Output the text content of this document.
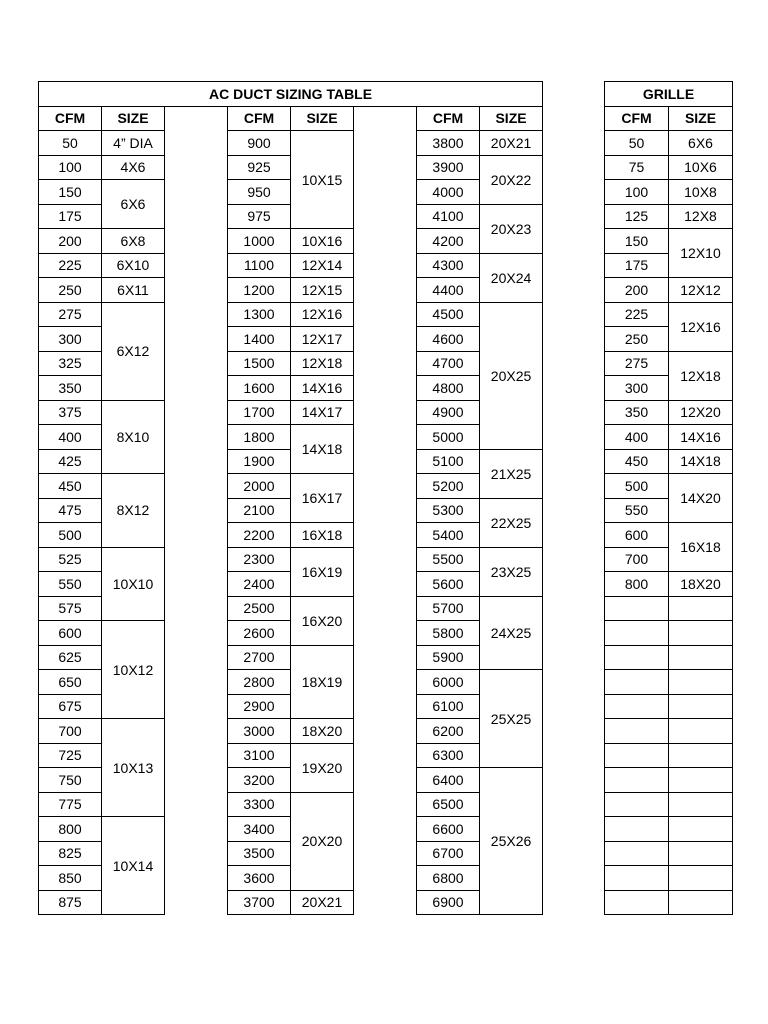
AC DUCT SIZING TABLE							
CFM	SIZE		CFM	SIZE		CFM	SIZE
50	4” DIA		900	10X15		3800	20X21
100	4X6		925			3900	20X22
150	6X6		950			4000	
175			975			4100	20X23
200	6X8		1000	10X16		4200	
225	6X10		1100	12X14		4300	20X24
250	6X11		1200	12X15		4400	
275	6X12		1300	12X16		4500	20X25
300			1400	12X17		4600	
325			1500	12X18		4700	
350			1600	14X16		4800	
375	8X10		1700	14X17		4900	
400			1800	14X18		5000	
425			1900			5100	21X25
450	8X12		2000	16X17		5200	
475			2100			5300	22X25
500			2200	16X18		5400	
525	10X10		2300	16X19		5500	23X25
550			2400			5600	
575			2500	16X20		5700	24X25
600	10X12		2600			5800	
625			2700	18X19		5900	
650			2800			6000	25X25
675			2900			6100	
700	10X13		3000	18X20		6200	
725			3100	19X20		6300	
750			3200			6400	25X26
775			3300	20X20		6500	
800	10X14		3400			6600	
825			3500			6700	
850			3600			6800	
875			3700	20X21		6900	
GRILLE	
CFM	SIZE
50	6X6
75	10X6
100	10X8
125	12X8
150	12X10
175	
200	12X12
225	12X16
250	
275	12X18
300	
350	12X20
400	14X16
450	14X18
500	14X20
550	
600	16X18
700	
800	18X20
